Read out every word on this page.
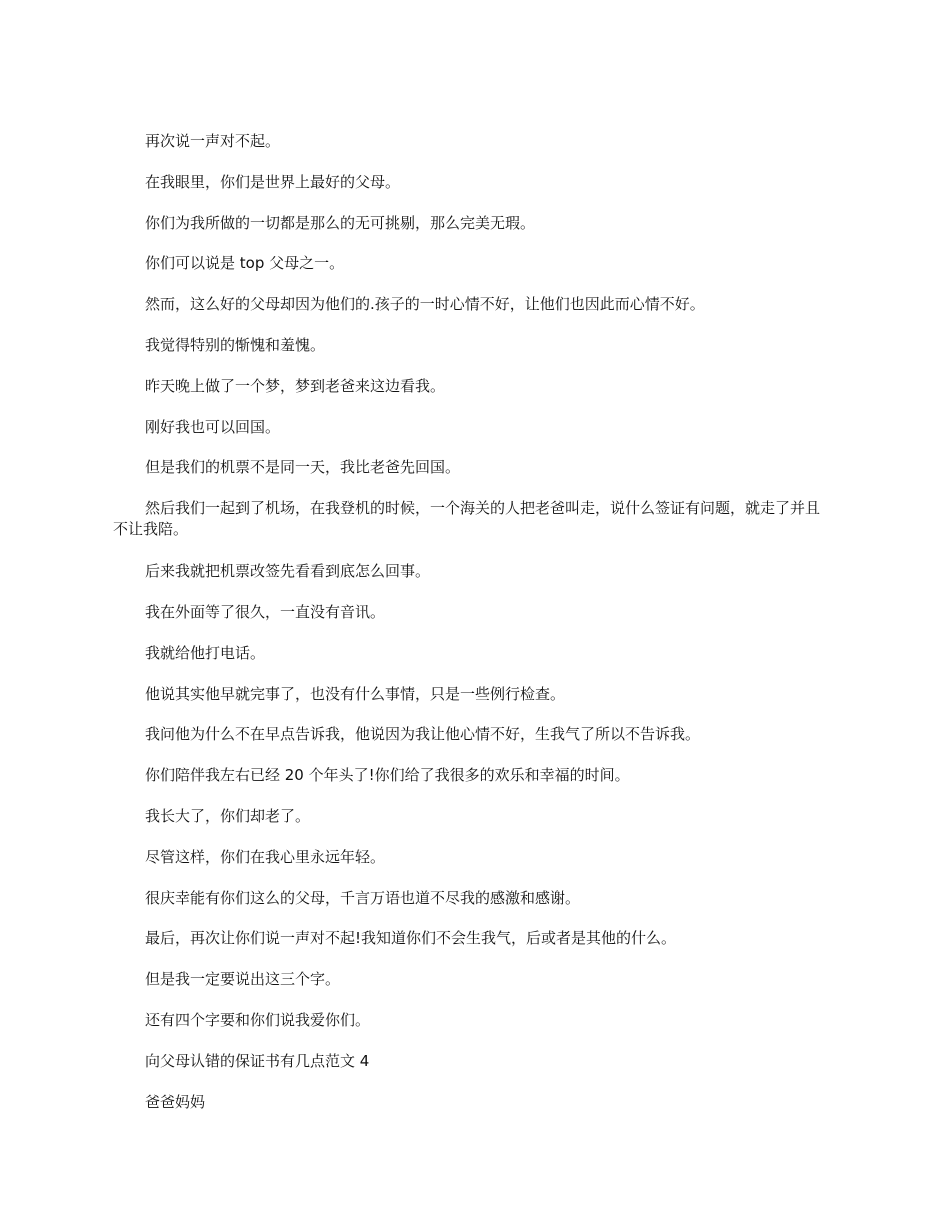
再次说一声对不起。

在我眼里，你们是世界上最好的父母。

你们为我所做的一切都是那么的无可挑剔，那么完美无瑕。

你们可以说是 top 父母之一。

然而，这么好的父母却因为他们的.孩子的一时心情不好，让他们也因此而心情不好。

我觉得特别的惭愧和羞愧。

昨天晚上做了一个梦，梦到老爸来这边看我。

刚好我也可以回国。

但是我们的机票不是同一天，我比老爸先回国。

然后我们一起到了机场，在我登机的时候，一个海关的人把老爸叫走，说什么签证有问题，就走了并且不让我陪。

后来我就把机票改签先看看到底怎么回事。

我在外面等了很久，一直没有音讯。

我就给他打电话。

他说其实他早就完事了，也没有什么事情，只是一些例行检查。

我问他为什么不在早点告诉我，他说因为我让他心情不好，生我气了所以不告诉我。

你们陪伴我左右已经 20 个年头了!你们给了我很多的欢乐和幸福的时间。

我长大了，你们却老了。

尽管这样，你们在我心里永远年轻。

很庆幸能有你们这么的父母，千言万语也道不尽我的感激和感谢。

最后，再次让你们说一声对不起!我知道你们不会生我气，后或者是其他的什么。

但是我一定要说出这三个字。

还有四个字要和你们说我爱你们。

向父母认错的保证书有几点范文 4

爸爸妈妈
